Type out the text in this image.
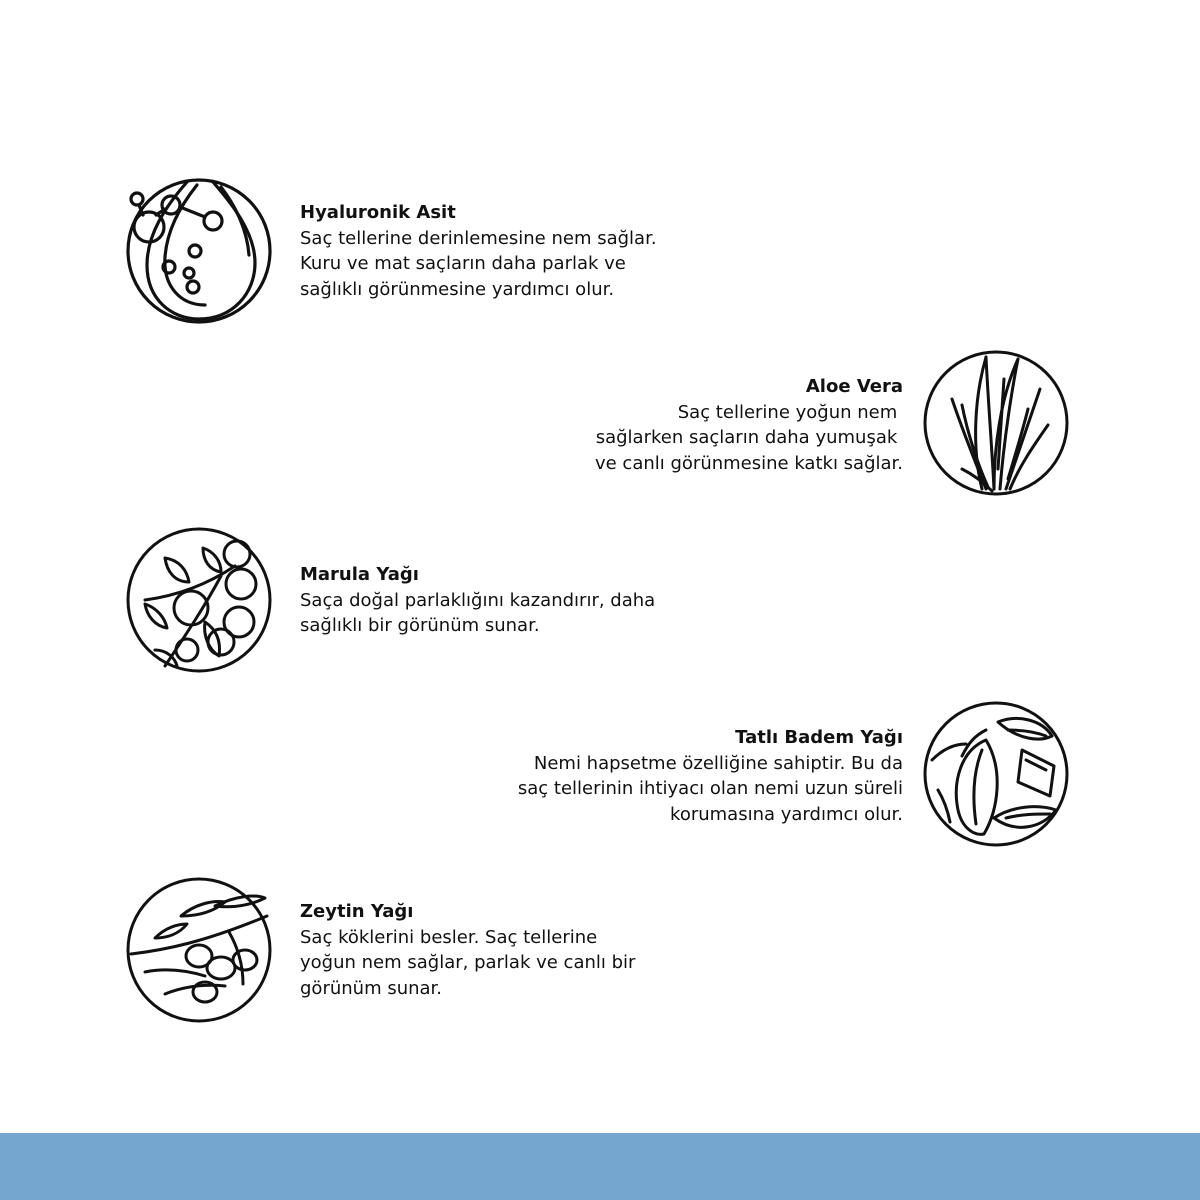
Hyaluronik Asit
Saç tellerine derinlemesine nem sağlar.
Kuru ve mat saçların daha parlak ve
sağlıklı görünmesine yardımcı olur.
Aloe Vera
Saç tellerine yoğun nem
sağlarken saçların daha yumuşak
ve canlı görünmesine katkı sağlar.
Marula Yağı
Saça doğal parlaklığını kazandırır, daha
sağlıklı bir görünüm sunar.
Tatlı Badem Yağı
Nemi hapsetme özelliğine sahiptir. Bu da
saç tellerinin ihtiyacı olan nemi uzun süreli
korumasına yardımcı olur.
Zeytin Yağı
Saç köklerini besler. Saç tellerine
yoğun nem sağlar, parlak ve canlı bir
görünüm sunar.
